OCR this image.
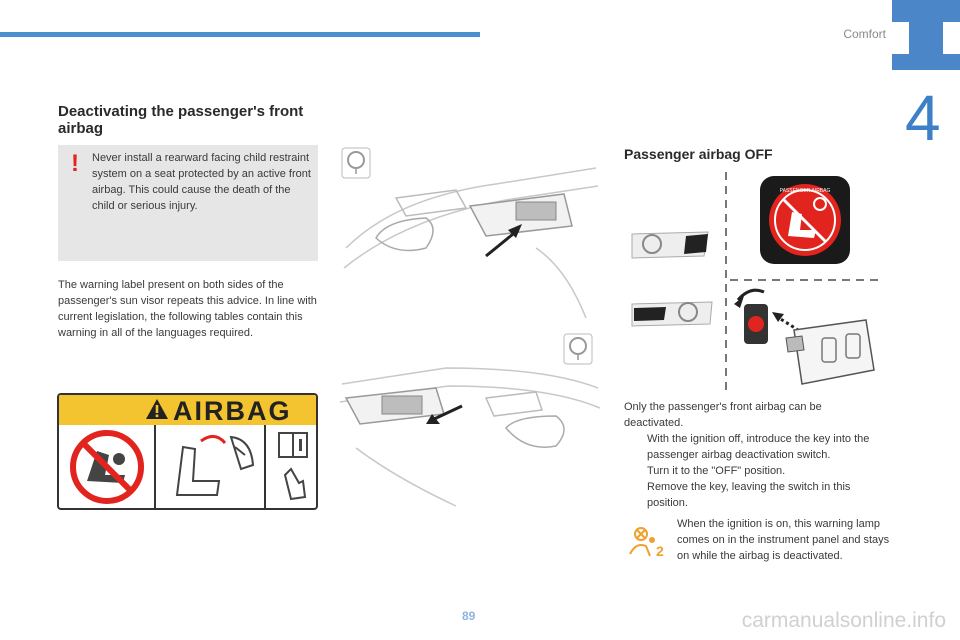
Comfort
4
Deactivating the passenger's front airbag
! Never install a rearward facing child restraint system on a seat protected by an active front airbag. This could cause the death of the child or serious injury.
The warning label present on both sides of the passenger's sun visor repeats this advice. In line with current legislation, the following tables contain this warning in all of the languages required.
AIRBAG
Passenger airbag OFF
PASSENGER AIRBAG

Only the passenger's front airbag can be deactivated.

With the ignition off, introduce the key into the passenger airbag deactivation switch.

Turn it to the "OFF" position.

Remove the key, leaving the switch in this position.

2
When the ignition is on, this warning lamp comes on in the instrument panel and stays on while the airbag is deactivated.
89	carmanualsonline.info
